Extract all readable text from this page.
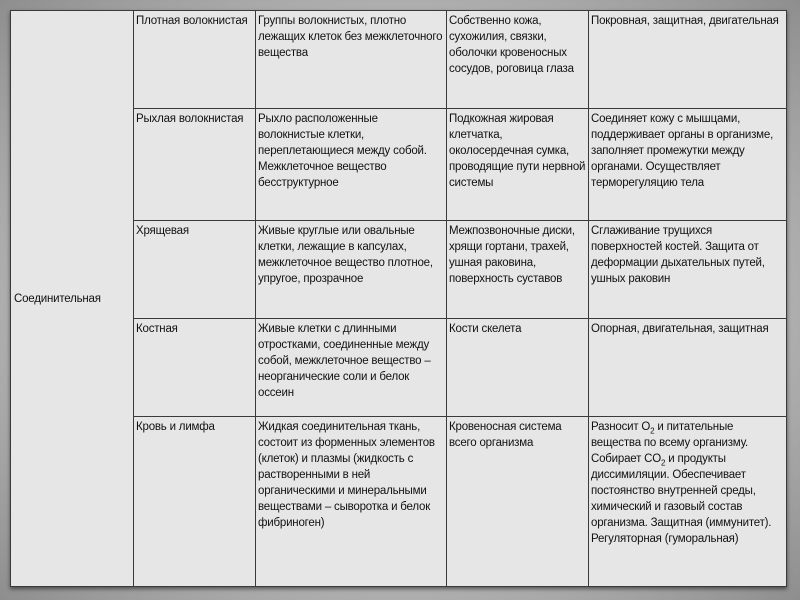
Соединительная	Плотная волокнистая	Группы волокнистых, плотно лежащих клеток без межклеточного вещества	Собственно кожа, сухожилия, связки, оболочки кровеносных сосудов, роговица глаза	Покровная, защитная, двигательная
	Рыхлая волокнистая	Рыхло расположенные волокнистые клетки, переплетающиеся между собой. Межклеточное вещество бесструктурное	Подкожная жировая клетчатка, околосердечная сумка, проводящие пути нервной системы	Соединяет кожу с мышцами, поддерживает органы в организме, заполняет промежутки между органами. Осуществляет терморегуляцию тела
	Хрящевая	Живые круглые или овальные клетки, лежащие в капсулах, межклеточное вещество плотное, упругое, прозрачное	Межпозвоночные диски, хрящи гортани, трахей, ушная раковина, поверхность суставов	Сглаживание трущихся поверхностей костей. Защита от деформации дыхательных путей, ушных раковин
	Костная	Живые клетки с длинными отростками, соединенные между собой, межклеточное вещество – неорганические соли и белок оссеин	Кости скелета	Опорная, двигательная, защитная
	Кровь и лимфа	Жидкая соединительная ткань, состоит из форменных элементов (клеток) и плазмы (жидкость с растворенными в ней органическими и минеральными веществами – сыворотка и белок фибриноген)	Кровеносная система всего организма	Разносит $O_2$ и питательные вещества по всему организму. Собирает $CO_2$ и продукты диссимиляции. Обеспечивает постоянство внутренней среды, химический и газовый состав организма. Защитная (иммунитет). Регуляторная (гуморальная)
